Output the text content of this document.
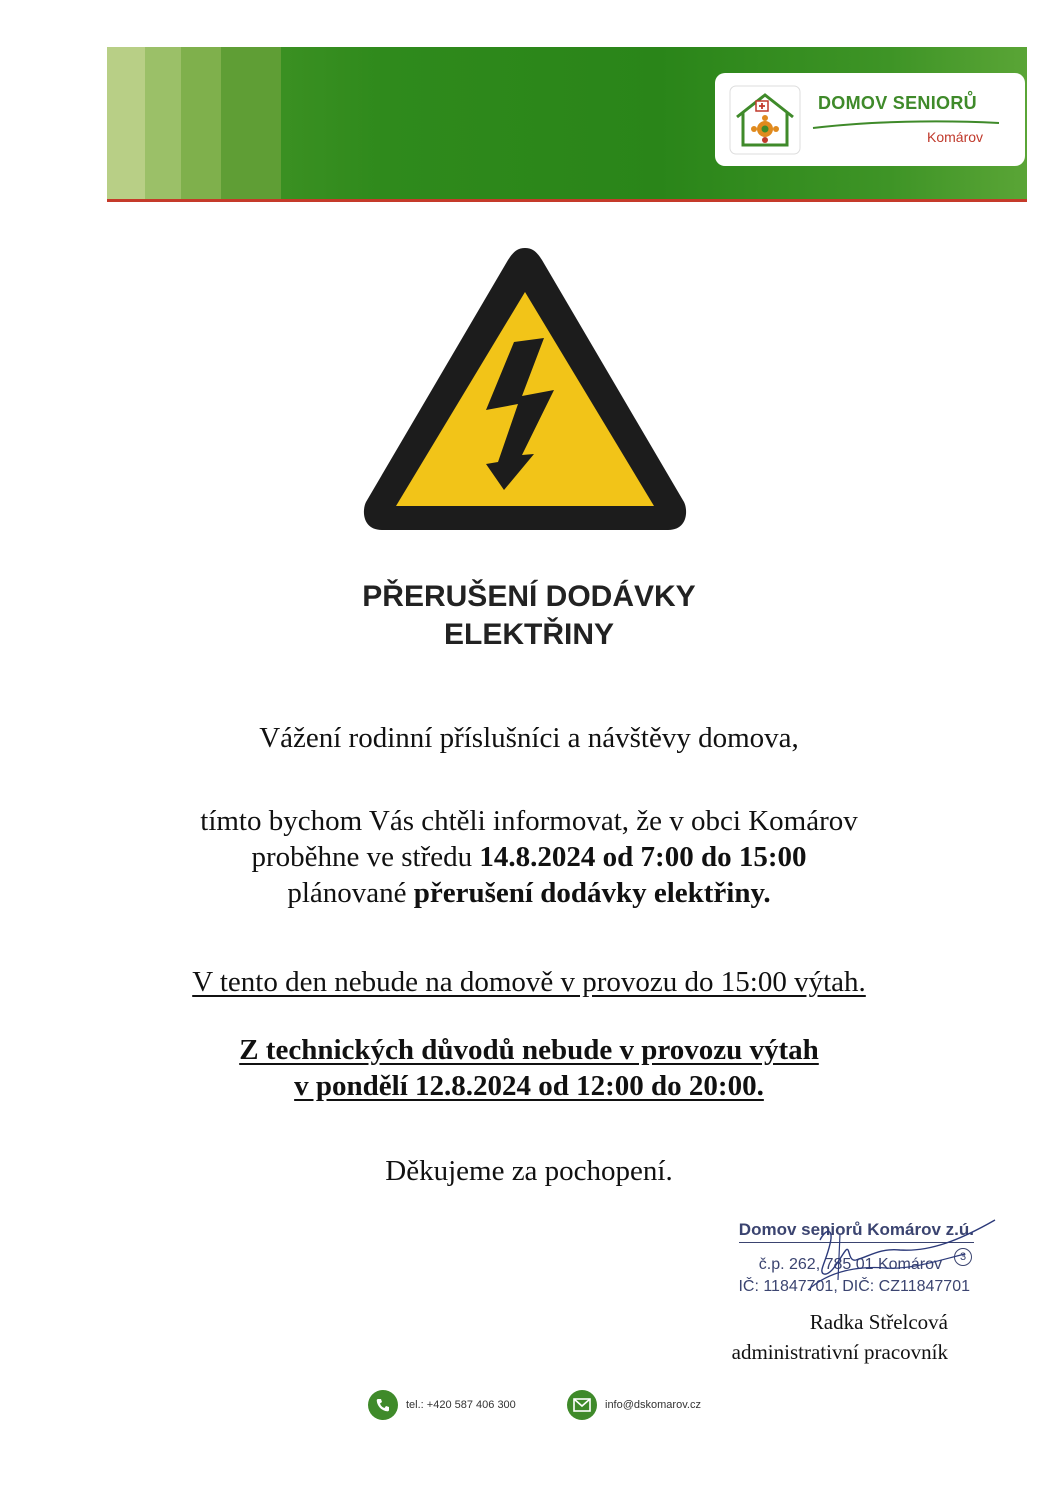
DOMOV SENIORŮ
Komárov
PŘERUŠENÍ DODÁVKY
ELEKTŘINY
Vážení rodinní příslušníci a návštěvy domova,
tímto bychom Vás chtěli informovat, že v obci Komárov
proběhne ve středu 14.8.2024 od 7:00 do 15:00
plánované přerušení dodávky elektřiny.
V tento den nebude na domově v provozu do 15:00 výtah.
Z technických důvodů nebude v provozu výtah
v pondělí 12.8.2024 od 12:00 do 20:00.
Děkujeme za pochopení.
Domov seniorů Komárov z.ú.
č.p. 262, 785 01 Komárov
IČ: 11847701, DIČ: CZ11847701
3
Radka Střelcová
administrativní pracovník
tel.: +420 587 406 300	info@dskomarov.cz
